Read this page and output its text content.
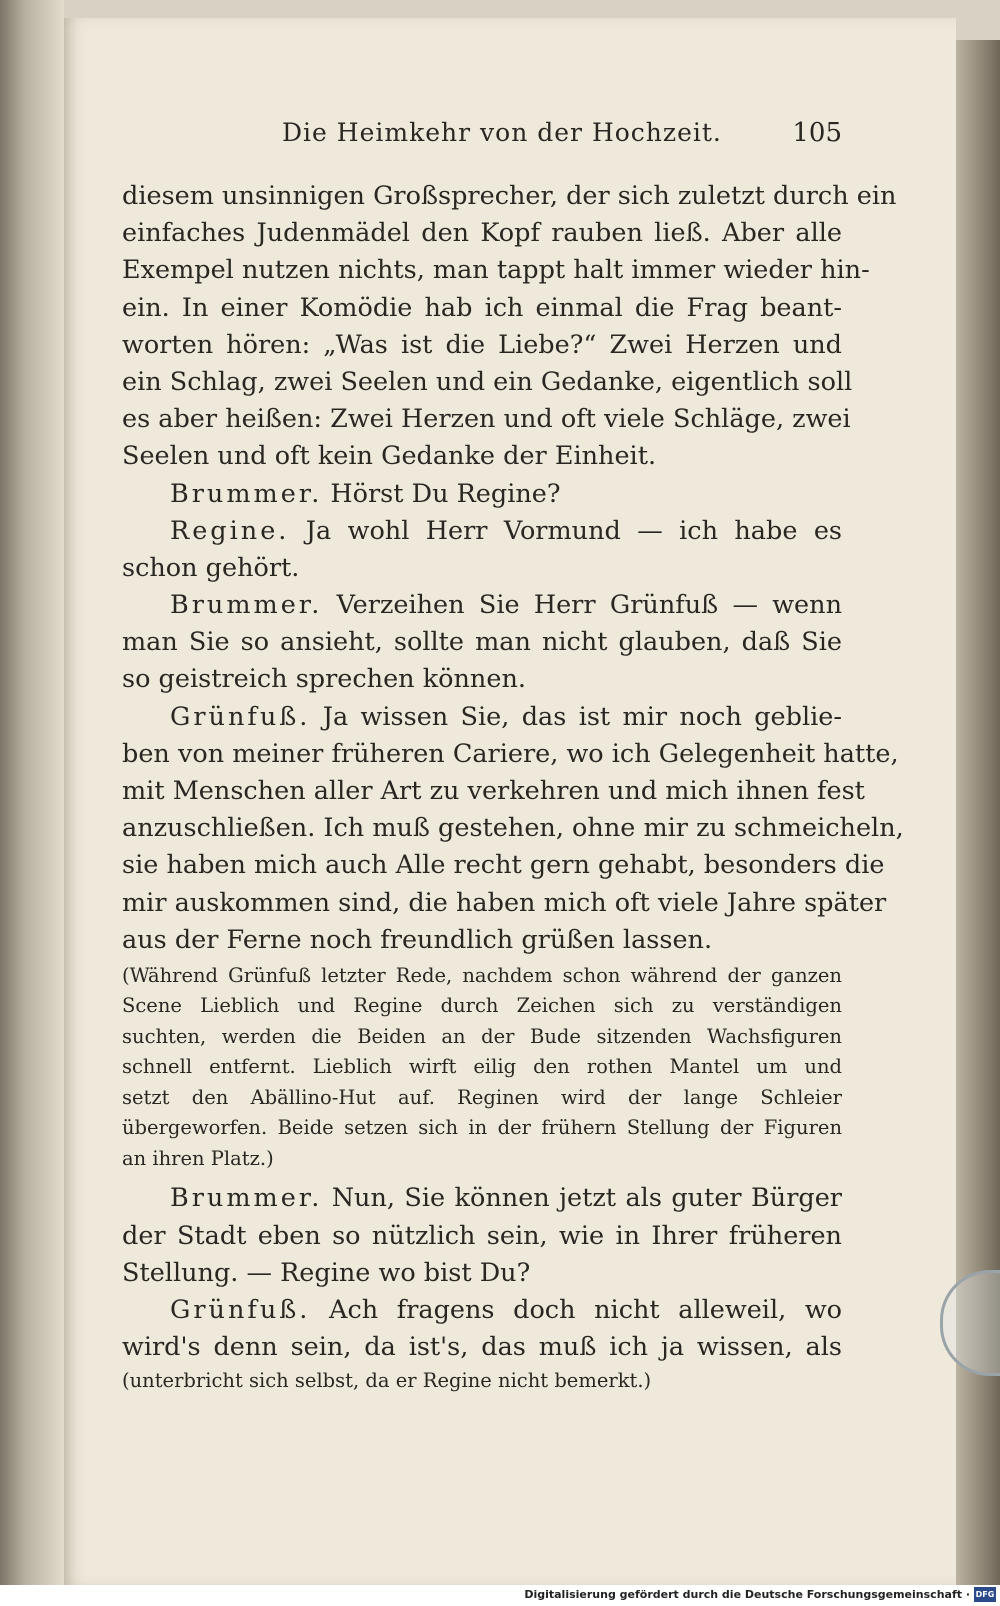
Die Heimkehr von der Hochzeit.	105
diesem unsinnigen Großsprecher, der sich zuletzt durch ein
einfaches Judenmädel den Kopf rauben ließ. Aber alle
Exempel nutzen nichts, man tappt halt immer wieder hin-
ein. In einer Komödie hab ich einmal die Frag beant-
worten hören: „Was ist die Liebe?“ Zwei Herzen und
ein Schlag, zwei Seelen und ein Gedanke, eigentlich soll
es aber heißen: Zwei Herzen und oft viele Schläge, zwei
Seelen und oft kein Gedanke der Einheit.
Brummer. Hörst Du Regine?
Regine. Ja wohl Herr Vormund — ich habe es
schon gehört.
Brummer. Verzeihen Sie Herr Grünfuß — wenn
man Sie so ansieht, sollte man nicht glauben, daß Sie
so geistreich sprechen können.
Grünfuß. Ja wissen Sie, das ist mir noch geblie-
ben von meiner früheren Cariere, wo ich Gelegenheit hatte,
mit Menschen aller Art zu verkehren und mich ihnen fest
anzuschließen. Ich muß gestehen, ohne mir zu schmeicheln,
sie haben mich auch Alle recht gern gehabt, besonders die
mir auskommen sind, die haben mich oft viele Jahre später
aus der Ferne noch freundlich grüßen lassen.
(Während Grünfuß letzter Rede, nachdem schon während der ganzen
Scene Lieblich und Regine durch Zeichen sich zu verständigen
suchten, werden die Beiden an der Bude sitzenden Wachsfiguren
schnell entfernt. Lieblich wirft eilig den rothen Mantel um und
setzt den Abällino-Hut auf. Reginen wird der lange Schleier
übergeworfen. Beide setzen sich in der frühern Stellung der Figuren
an ihren Platz.)
Brummer. Nun, Sie können jetzt als guter Bürger
der Stadt eben so nützlich sein, wie in Ihrer früheren
Stellung. — Regine wo bist Du?
Grünfuß. Ach fragens doch nicht alleweil, wo
wird's denn sein, da ist's, das muß ich ja wissen, als
(unterbricht sich selbst, da er Regine nicht bemerkt.)
Digitalisierung gefördert durch die Deutsche Forschungsgemeinschaft · DFG
